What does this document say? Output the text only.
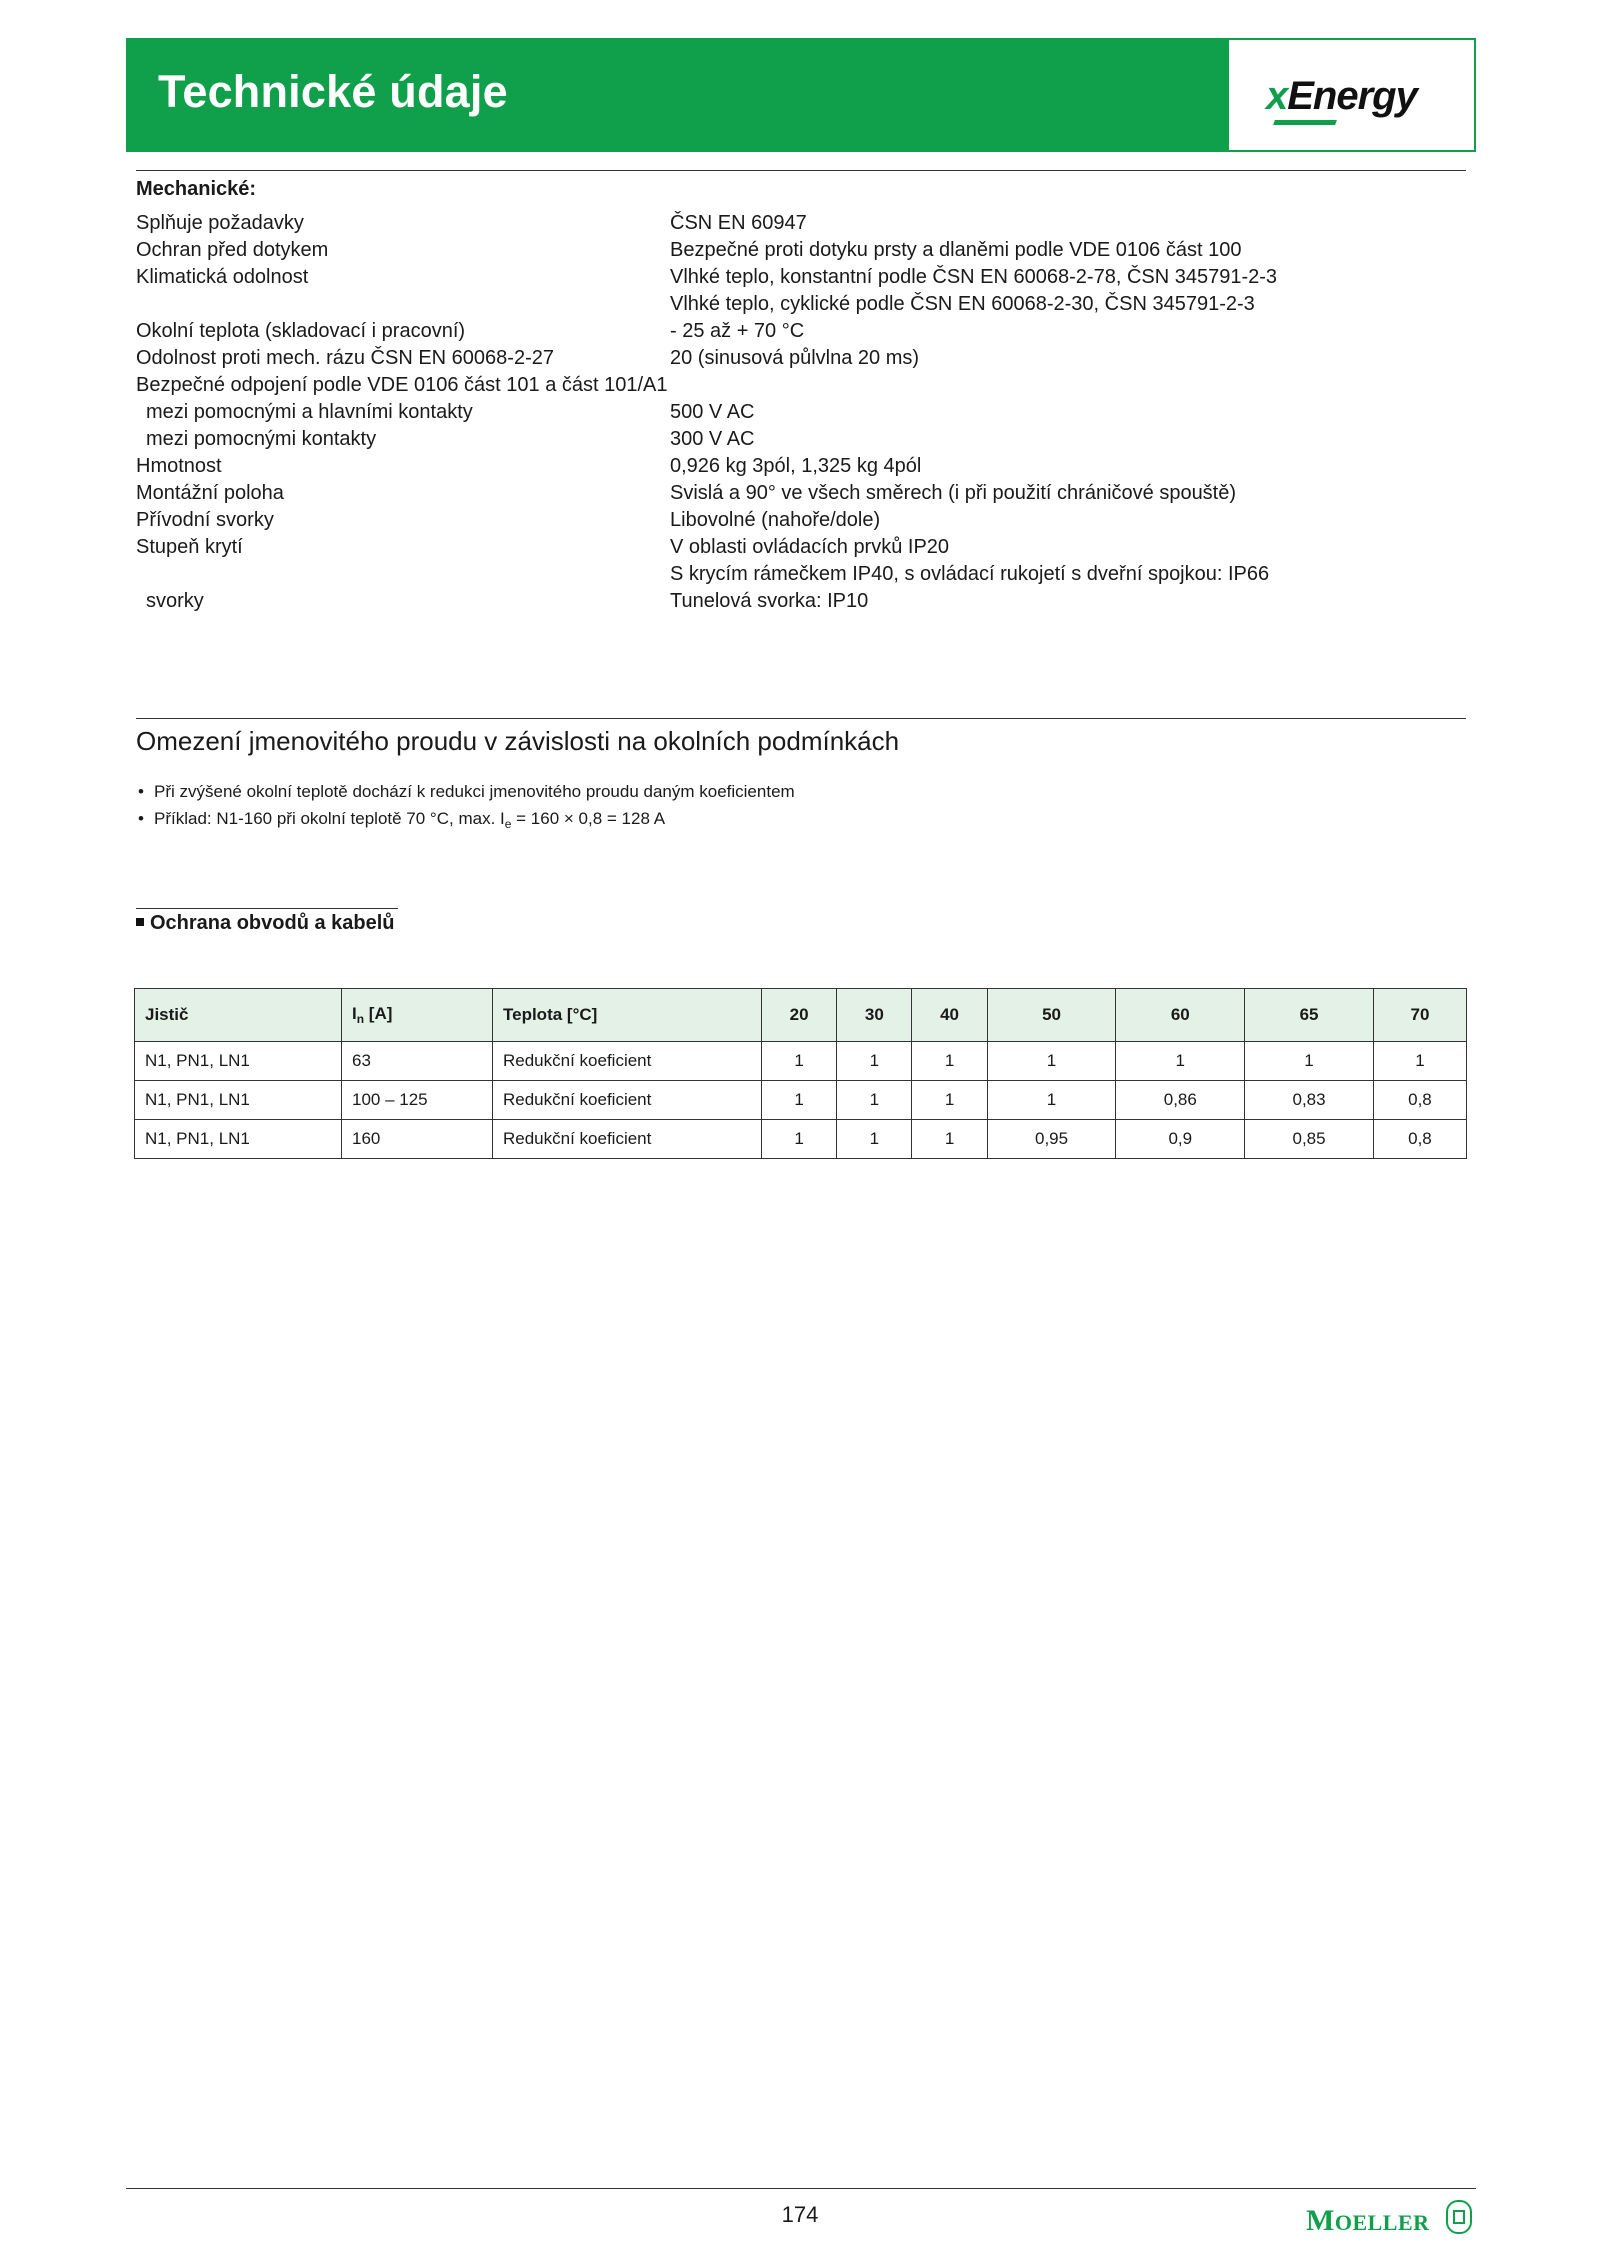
Technické údaje	xEnergy
Mechanické:
Splňuje požadavky	ČSN EN 60947
Ochran před dotykem	Bezpečné proti dotyku prsty a dlaněmi podle VDE 0106 část 100
Klimatická odolnost	Vlhké teplo, konstantní podle ČSN EN 60068-2-78, ČSN 345791-2-3
Vlhké teplo, cyklické podle ČSN EN 60068-2-30, ČSN 345791-2-3
Okolní teplota (skladovací i pracovní)	- 25 až + 70 °C
Odolnost proti mech. rázu ČSN EN 60068-2-27	20 (sinusová půlvlna 20 ms)
Bezpečné odpojení podle VDE 0106 část 101 a část 101/A1
mezi pomocnými a hlavními kontakty	500 V AC
mezi pomocnými kontakty	300 V AC
Hmotnost	0,926 kg 3pól, 1,325 kg 4pól
Montážní poloha	Svislá a 90° ve všech směrech (i při použití chráničové spouště)
Přívodní svorky	Libovolné (nahoře/dole)
Stupeň krytí	V oblasti ovládacích prvků IP20
S krycím rámečkem IP40, s ovládací rukojetí s dveřní spojkou: IP66
svorky	Tunelová svorka: IP10
Omezení jmenovitého proudu v závislosti na okolních podmínkách
• Při zvýšené okolní teplotě dochází k redukci jmenovitého proudu daným koeficientem
• Příklad: N1-160 při okolní teplotě 70 °C, max. $I_e = 160 \times 0,8 = 128$ A
Ochrana obvodů a kabelů
Jistič	$I_n$ [A]	Teplota [°C]	20	30	40	50	60	65	70
N1, PN1, LN1	63	Redukční koeficient	1	1	1	1	1	1	1
N1, PN1, LN1	100 – 125	Redukční koeficient	1	1	1	1	0,86	0,83	0,8
N1, PN1, LN1	160	Redukční koeficient	1	1	1	0,95	0,9	0,85	0,8
174	MOELLER
